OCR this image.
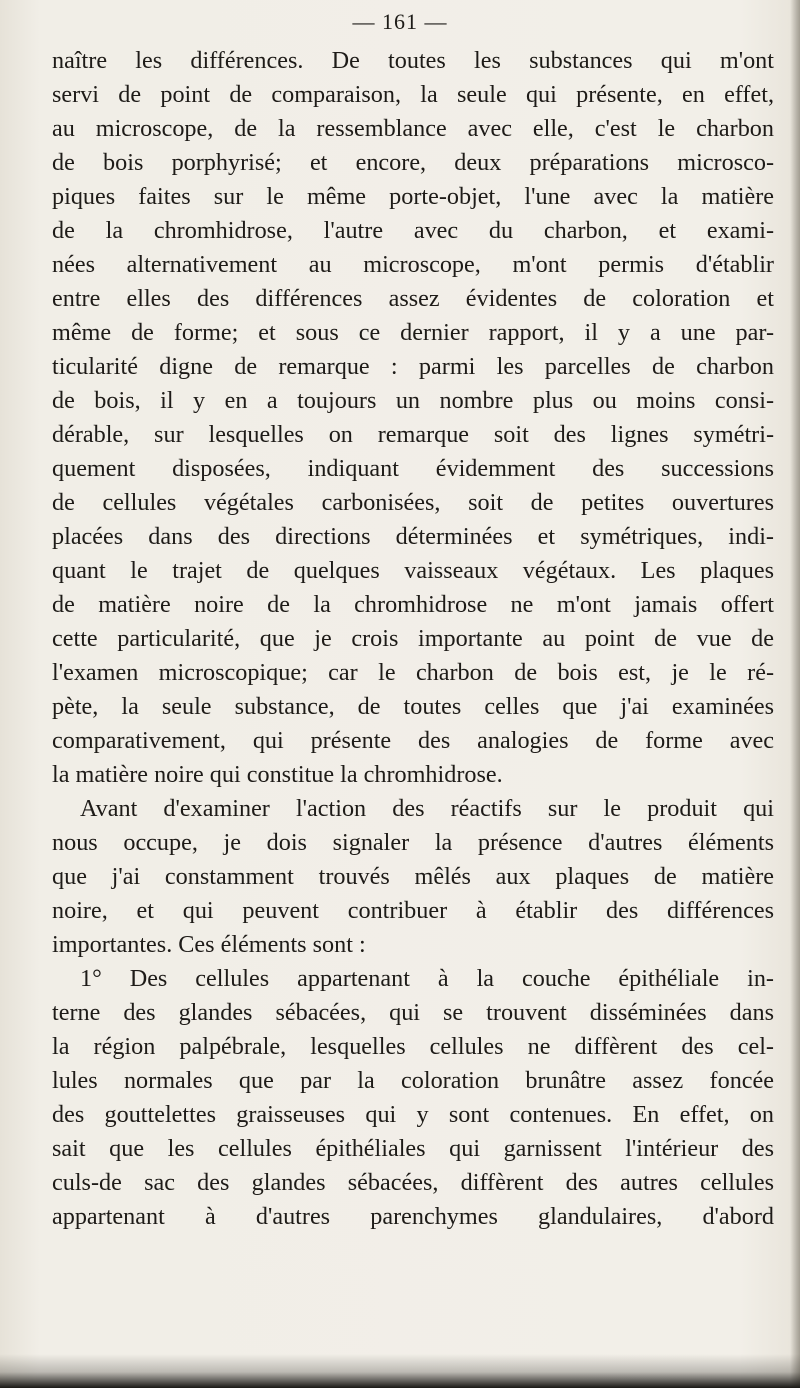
— 161 —
naître les différences. De toutes les substances qui m'ont
servi de point de comparaison, la seule qui présente, en effet,
au microscope, de la ressemblance avec elle, c'est le charbon
de bois porphyrisé; et encore, deux préparations microsco-
piques faites sur le même porte-objet, l'une avec la matière
de la chromhidrose, l'autre avec du charbon, et exami-
nées alternativement au microscope, m'ont permis d'établir
entre elles des différences assez évidentes de coloration et
même de forme; et sous ce dernier rapport, il y a une par-
ticularité digne de remarque : parmi les parcelles de charbon
de bois, il y en a toujours un nombre plus ou moins consi-
dérable, sur lesquelles on remarque soit des lignes symétri-
quement disposées, indiquant évidemment des successions
de cellules végétales carbonisées, soit de petites ouvertures
placées dans des directions déterminées et symétriques, indi-
quant le trajet de quelques vaisseaux végétaux. Les plaques
de matière noire de la chromhidrose ne m'ont jamais offert
cette particularité, que je crois importante au point de vue de
l'examen microscopique; car le charbon de bois est, je le ré-
pète, la seule substance, de toutes celles que j'ai examinées
comparativement, qui présente des analogies de forme avec
la matière noire qui constitue la chromhidrose.
Avant d'examiner l'action des réactifs sur le produit qui
nous occupe, je dois signaler la présence d'autres éléments
que j'ai constamment trouvés mêlés aux plaques de matière
noire, et qui peuvent contribuer à établir des différences
importantes. Ces éléments sont :
1° Des cellules appartenant à la couche épithéliale in-
terne des glandes sébacées, qui se trouvent disséminées dans
la région palpébrale, lesquelles cellules ne diffèrent des cel-
lules normales que par la coloration brunâtre assez foncée
des gouttelettes graisseuses qui y sont contenues. En effet, on
sait que les cellules épithéliales qui garnissent l'intérieur des
culs-de sac des glandes sébacées, diffèrent des autres cellules
appartenant à d'autres parenchymes glandulaires, d'abord
